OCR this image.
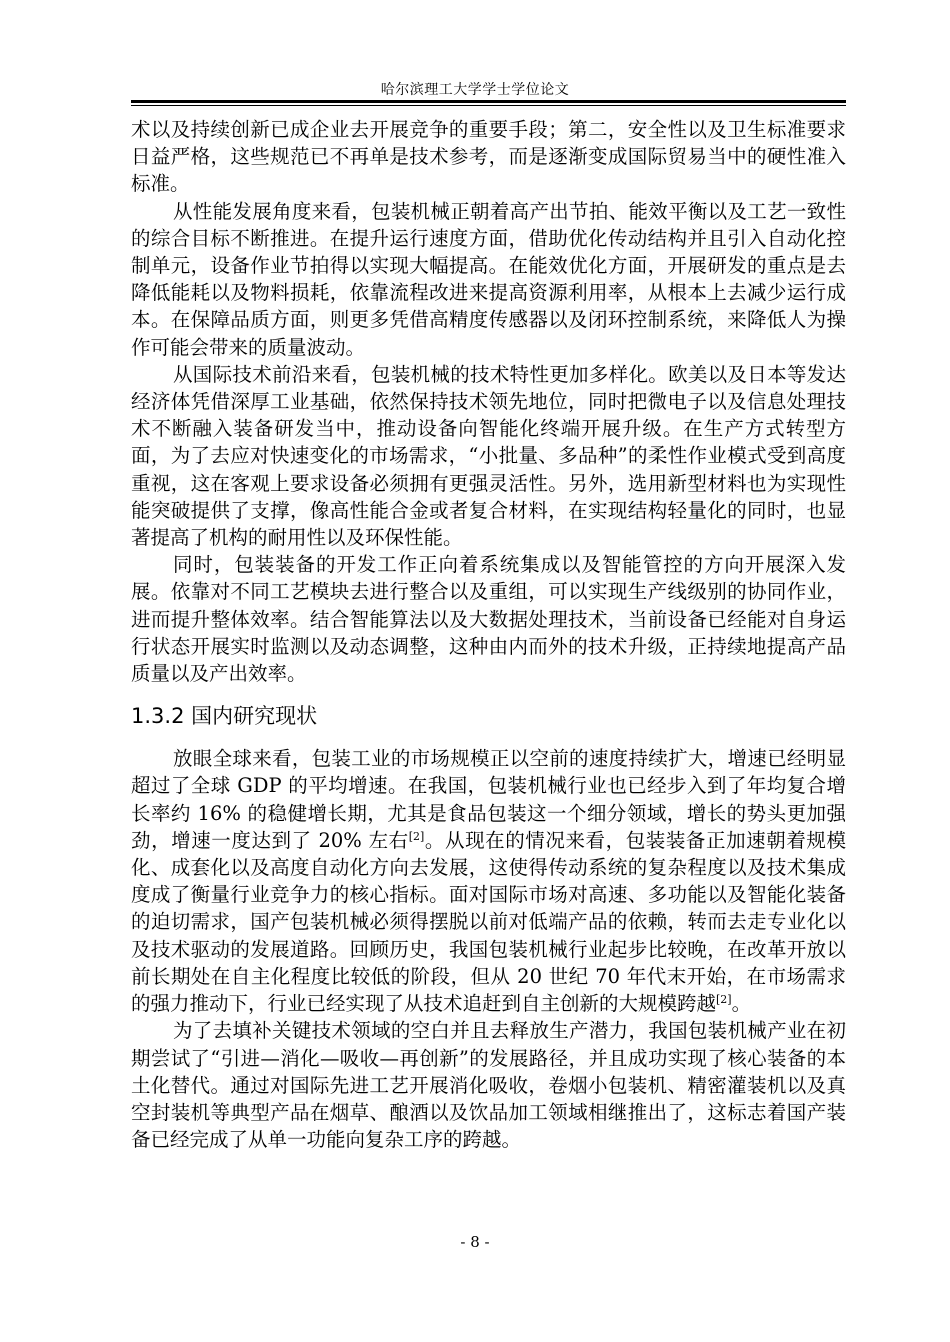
哈尔滨理工大学学士学位论文

术以及持续创新已成企业去开展竞争的重要手段；第二，安全性以及卫生标准要求日益严格，这些规范已不再单是技术参考，而是逐渐变成国际贸易当中的硬性准入标准。

从性能发展角度来看，包装机械正朝着高产出节拍、能效平衡以及工艺一致性的综合目标不断推进。在提升运行速度方面，借助优化传动结构并且引入自动化控制单元，设备作业节拍得以实现大幅提高。在能效优化方面，开展研发的重点是去降低能耗以及物料损耗，依靠流程改进来提高资源利用率，从根本上去减少运行成本。在保障品质方面，则更多凭借高精度传感器以及闭环控制系统，来降低人为操作可能会带来的质量波动。

从国际技术前沿来看，包装机械的技术特性更加多样化。欧美以及日本等发达经济体凭借深厚工业基础，依然保持技术领先地位，同时把微电子以及信息处理技术不断融入装备研发当中，推动设备向智能化终端开展升级。在生产方式转型方面，为了去应对快速变化的市场需求，“小批量、多品种”的柔性作业模式受到高度重视，这在客观上要求设备必须拥有更强灵活性。另外，选用新型材料也为实现性能突破提供了支撑，像高性能合金或者复合材料，在实现结构轻量化的同时，也显著提高了机构的耐用性以及环保性能。

同时，包装装备的开发工作正向着系统集成以及智能管控的方向开展深入发展。依靠对不同工艺模块去进行整合以及重组，可以实现生产线级别的协同作业，进而提升整体效率。结合智能算法以及大数据处理技术，当前设备已经能对自身运行状态开展实时监测以及动态调整，这种由内而外的技术升级，正持续地提高产品质量以及产出效率。

1.3.2 国内研究现状

放眼全球来看，包装工业的市场规模正以空前的速度持续扩大，增速已经明显超过了全球 GDP 的平均增速。在我国，包装机械行业也已经步入到了年均复合增长率约 16% 的稳健增长期，尤其是食品包装这一个细分领域，增长的势头更加强劲，增速一度达到了 20% 左右[2]。从现在的情况来看，包装装备正加速朝着规模化、成套化以及高度自动化方向去发展，这使得传动系统的复杂程度以及技术集成度成了衡量行业竞争力的核心指标。面对国际市场对高速、多功能以及智能化装备的迫切需求，国产包装机械必须得摆脱以前对低端产品的依赖，转而去走专业化以及技术驱动的发展道路。回顾历史，我国包装机械行业起步比较晚，在改革开放以前长期处在自主化程度比较低的阶段，但从 20 世纪 70 年代末开始，在市场需求的强力推动下，行业已经实现了从技术追赶到自主创新的大规模跨越[2]。

为了去填补关键技术领域的空白并且去释放生产潜力，我国包装机械产业在初期尝试了“引进—消化—吸收—再创新”的发展路径，并且成功实现了核心装备的本土化替代。通过对国际先进工艺开展消化吸收，卷烟小包装机、精密灌装机以及真空封装机等典型产品在烟草、酿酒以及饮品加工领域相继推出了，这标志着国产装备已经完成了从单一功能向复杂工序的跨越。

- 8 -
